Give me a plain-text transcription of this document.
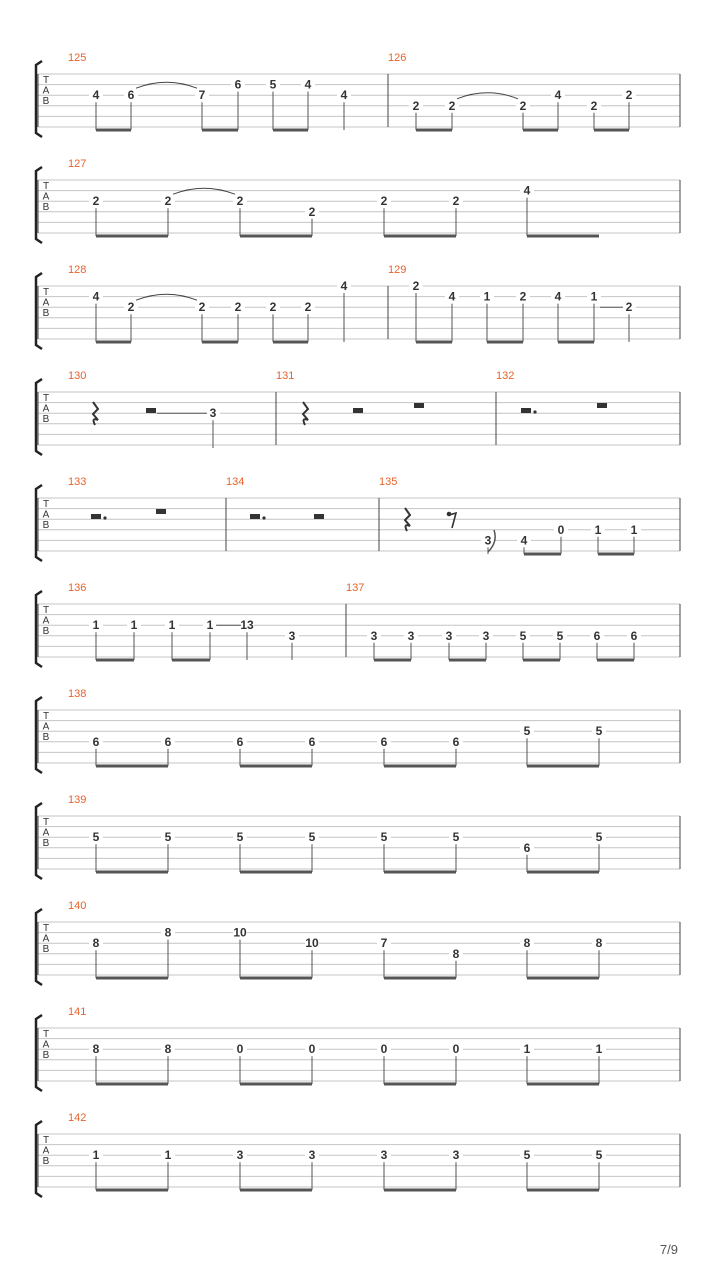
T
A
B
125
4 6	7
6 5 4
4
126
2 2	2
4
2
2
T
A
B
127
2	2	2
2
2	2
4
T
A
B
128
4
2	2 2 2 2
4
129
2
4 1 2 4 1
2
T
A
B
130
3
131	132
T
A
B
133	134	135
3 4
0	1 1
T
A
B
136
1	1	1	1 13
3
137
3	3	3	3	5	5	6	6
T
A
B
138
6	6	6	6	6	6
5	5
T
A
B
139
5	5	5	5	5	5
6
5
T
A
B
140
8
8	10
10	7
8
8	8
T
A
B
141
8	8	0	0	0	0	1	1
T
A
B
142
1	1	3	3	3	3	5	5
7/9
